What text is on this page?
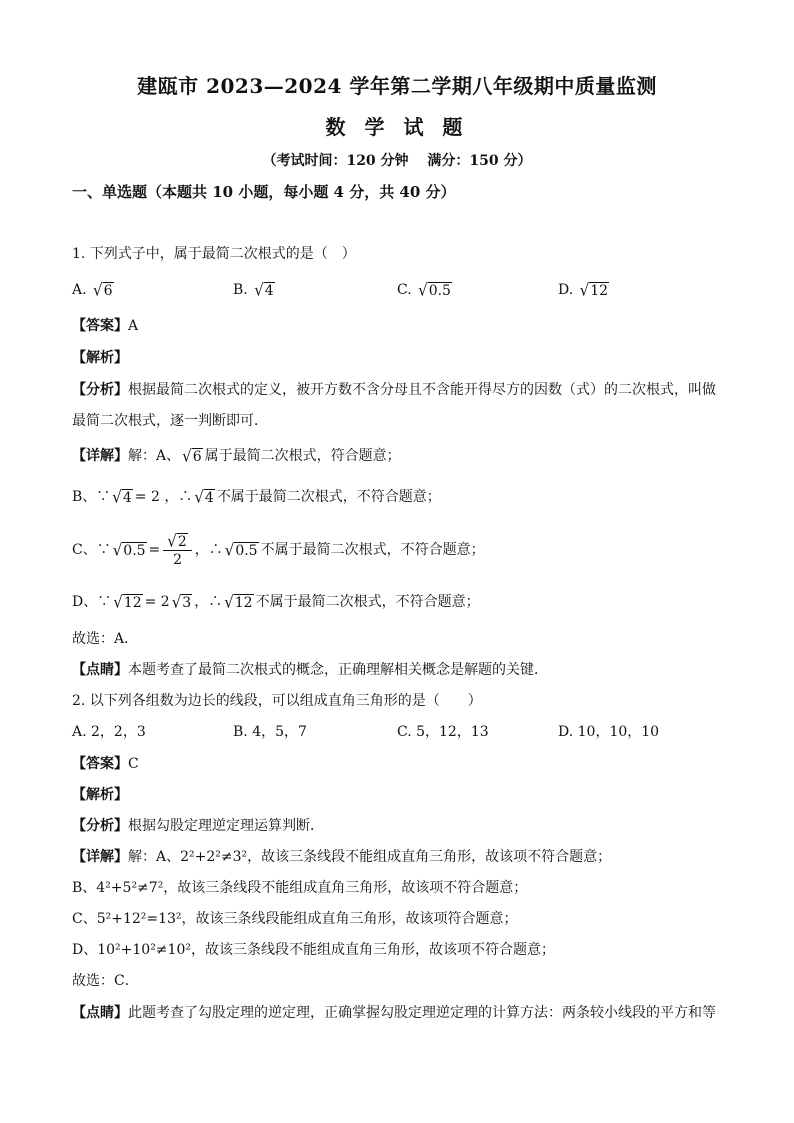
建瓯市 2023—2024 学年第二学期八年级期中质量监测
数 学 试 题
（考试时间：120 分钟　 满分：150 分）
一、单选题（本题共 10 小题，每小题 4 分，共 40 分）
1. 下列式子中，属于最简二次根式的是（　）
A. √ 6	B. √ 4	C. √ 0.5	D. √ 12
【答案】A
【解析】
【分析】根据最简二次根式的定义，被开方数不含分母且不含能开得尽方的因数（式）的二次根式，叫做
最简二次根式，逐一判断即可．
【详解】解：A、 √ 6 属于最简二次根式，符合题意；
B、∵ √ 4 = 2 ，∴ √ 4 不属于最简二次根式，不符合题意；
C、∵ √ $0.5 = \frac{√ 2}{2}$ ，∴ √ 0.5 不属于最简二次根式，不符合题意；
D、∵ √ 12 = 2 √ 3 ，∴ √ 12 不属于最简二次根式，不符合题意；
故选：A．
【点睛】本题考查了最简二次根式的概念，正确理解相关概念是解题的关键．
2. 以下列各组数为边长的线段，可以组成直角三角形的是（　　）
A. 2，2，3	B. 4，5，7	C. 5，12，13	D. 10，10，10
【答案】C
【解析】
【分析】根据勾股定理逆定理运算判断．
【详解】解：A、2²+2²≠3²，故该三条线段不能组成直角三角形，故该项不符合题意；
B、4²+5²≠7²，故该三条线段不能组成直角三角形，故该项不符合题意；
C、5²+12²=13²，故该三条线段能组成直角三角形，故该项符合题意；
D、10²+10²≠10²，故该三条线段不能组成直角三角形，故该项不符合题意；
故选：C．
【点睛】此题考查了勾股定理的逆定理，正确掌握勾股定理逆定理的计算方法：两条较小线段的平方和等
